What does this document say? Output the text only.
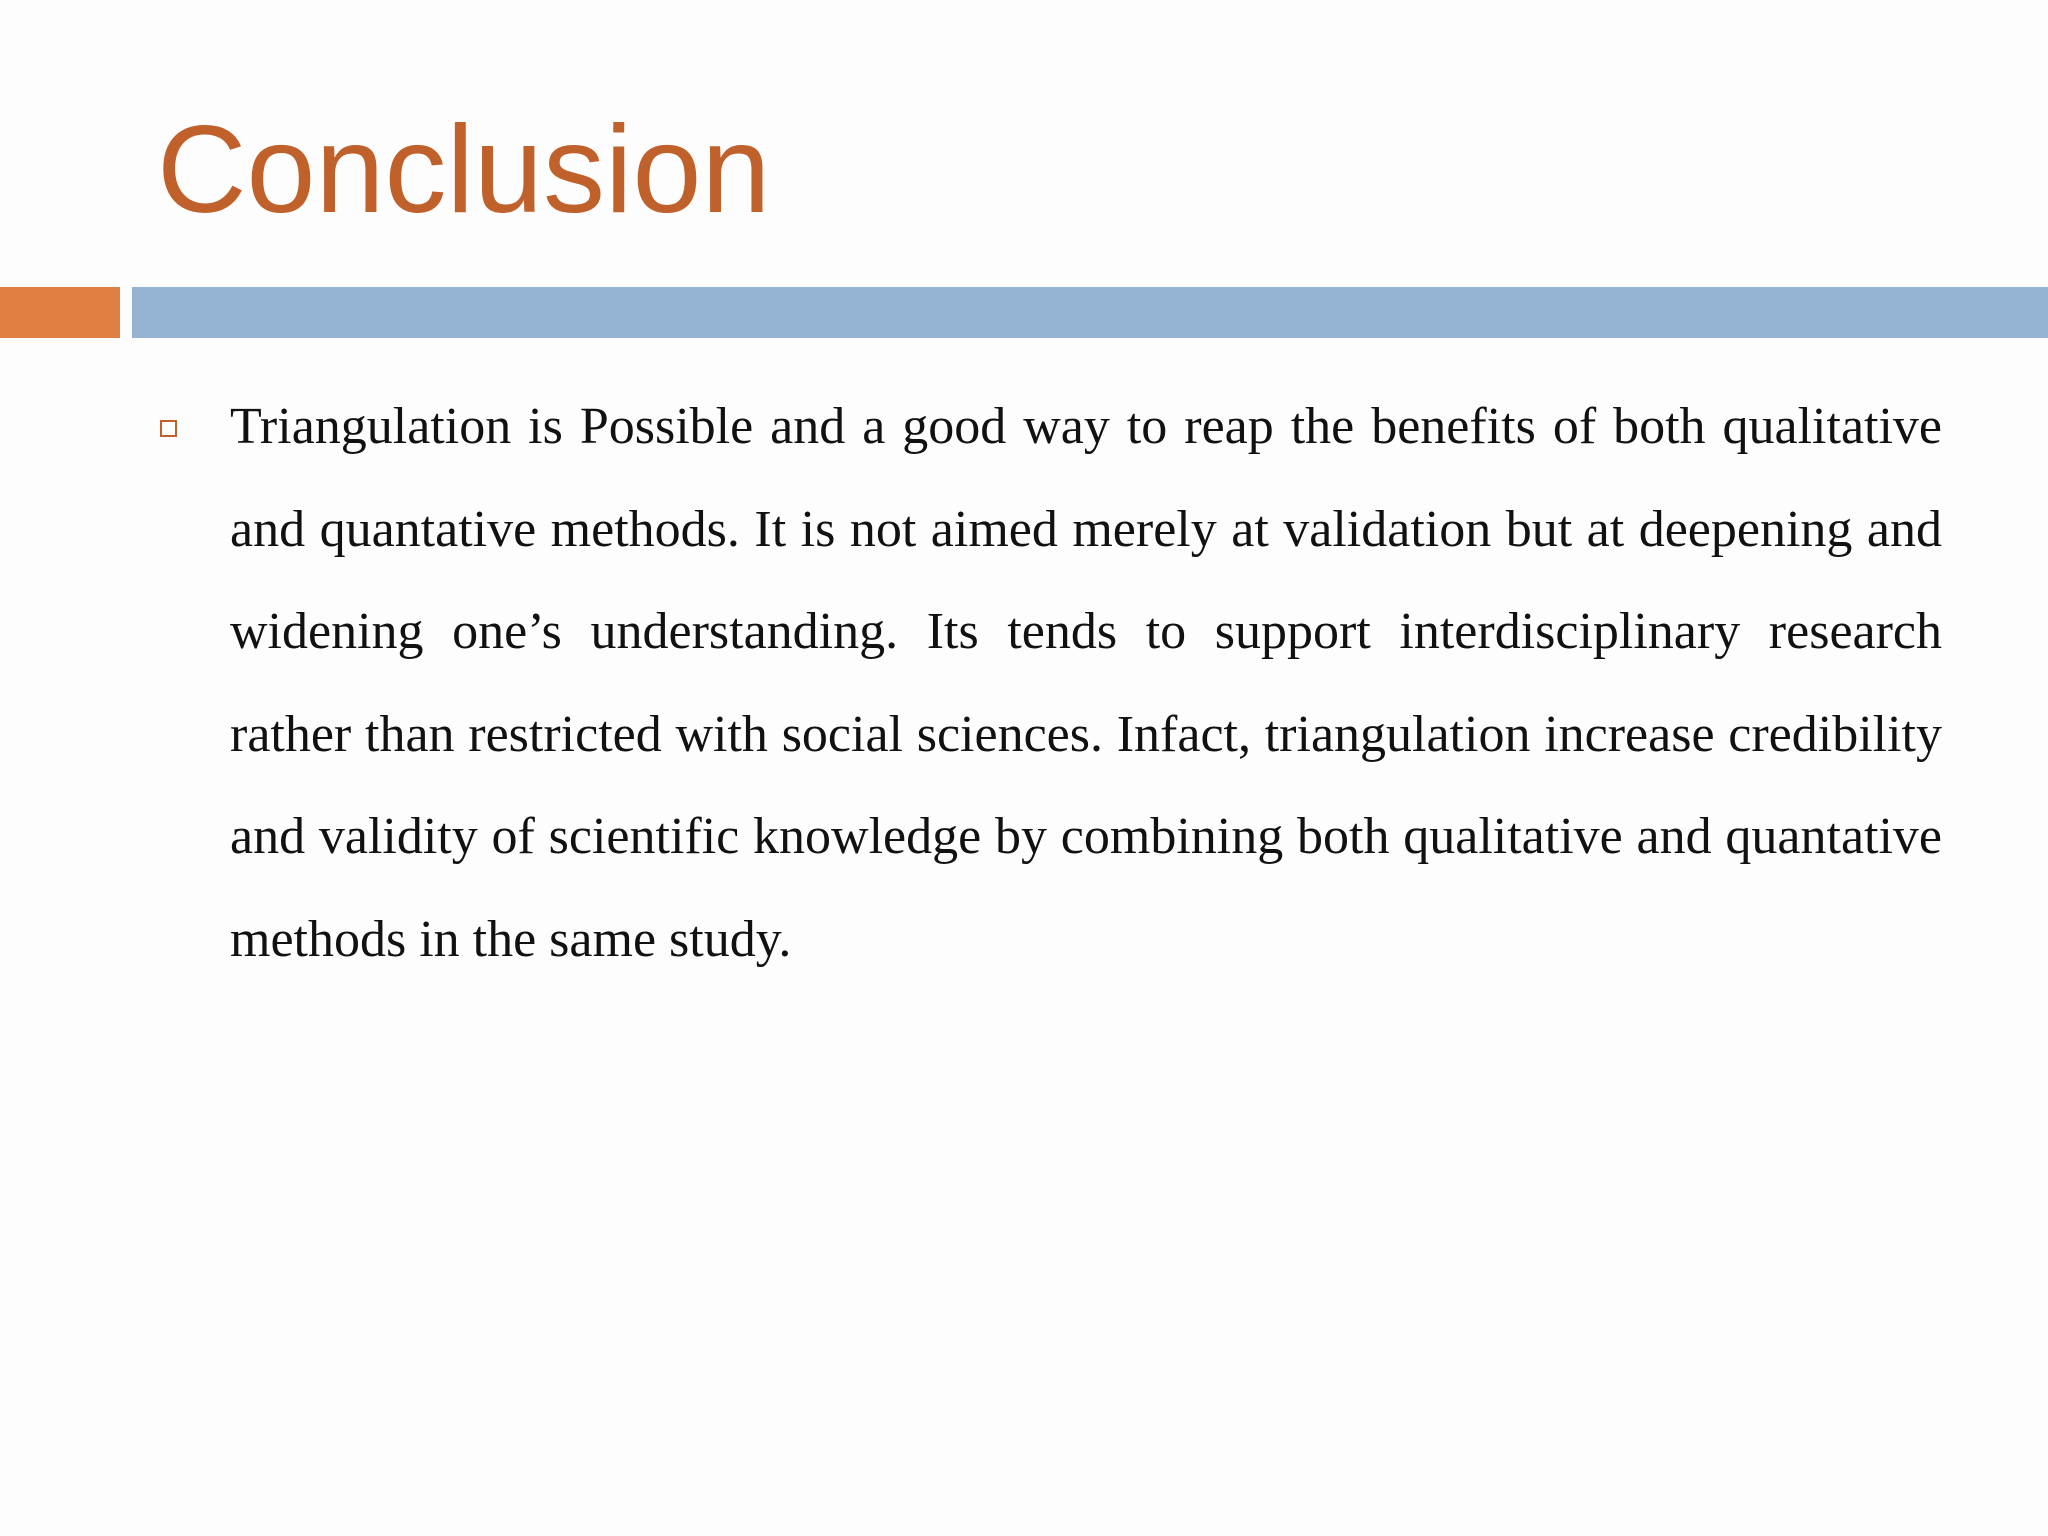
Conclusion

Triangulation is Possible and a good way to reap the benefits of both qualitative and quantative methods. It is not aimed merely at validation but at deepening and widening one’s understanding. Its tends to support interdisciplinary research rather than restricted with social sciences. Infact, triangulation increase credibility and validity of scientific knowledge by combining both qualitative and quantative methods in the same study.
